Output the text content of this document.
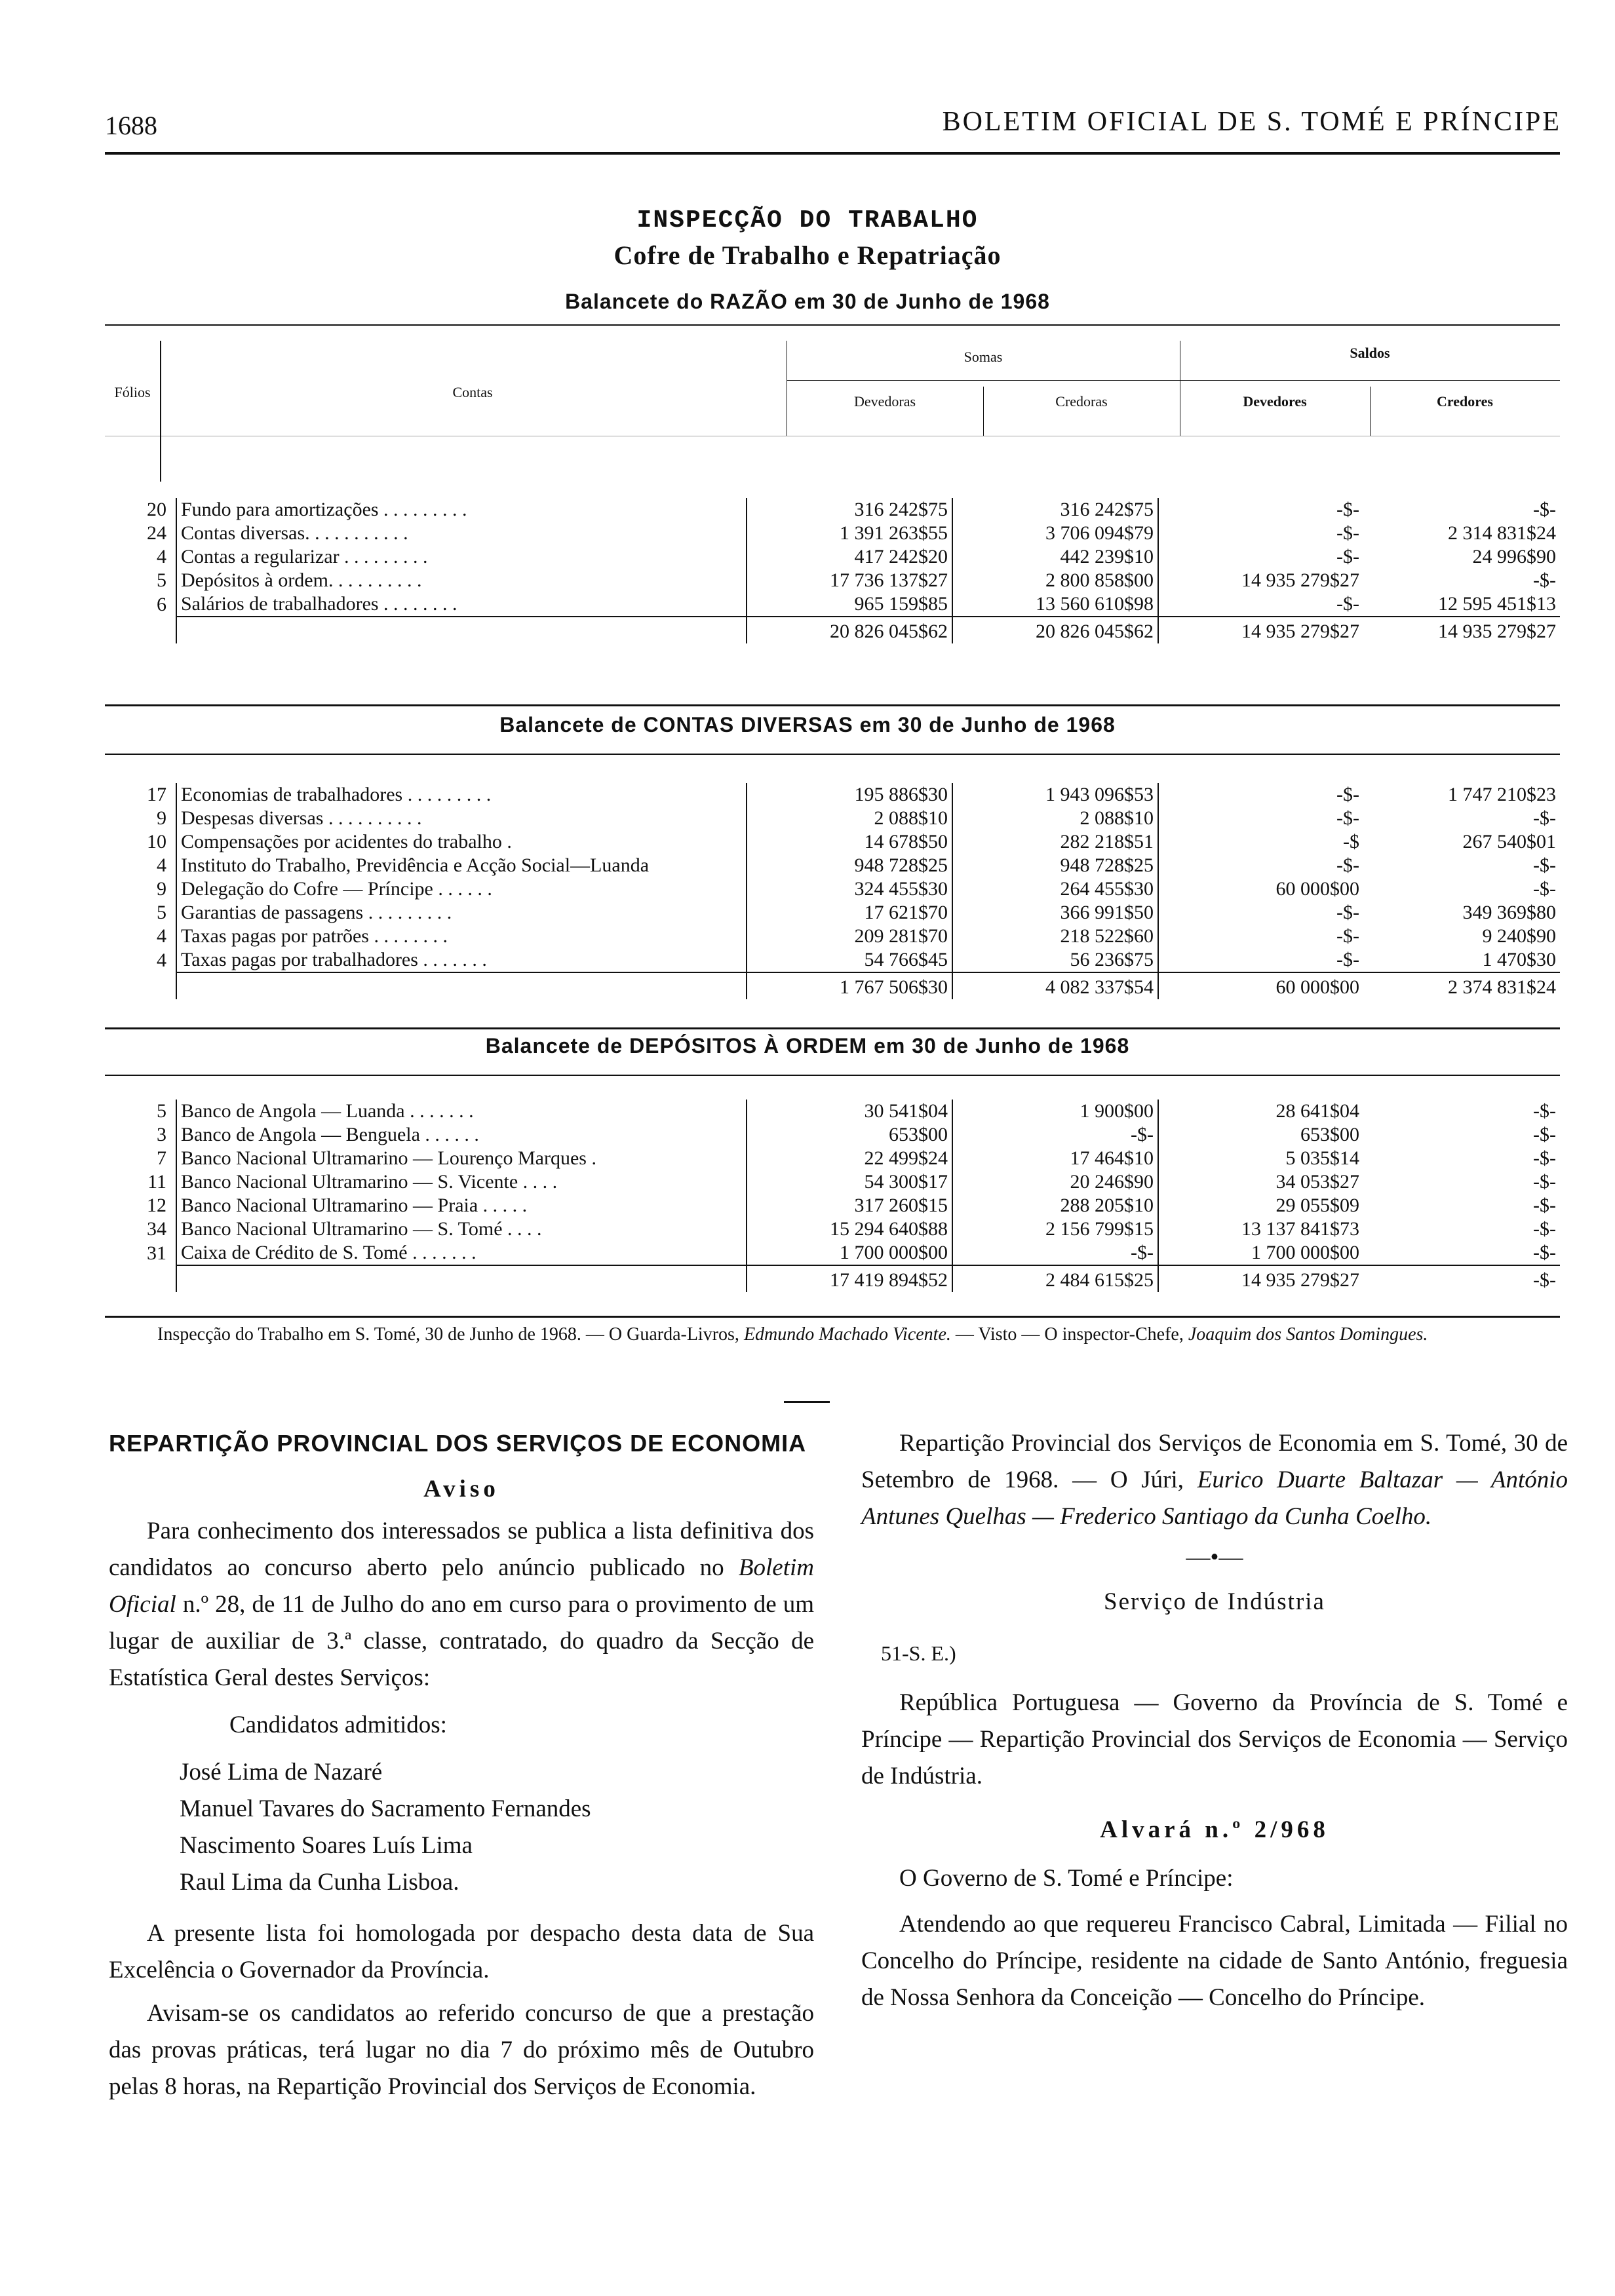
1688	BOLETIM OFICIAL DE S. TOMÉ E PRÍNCIPE
INSPECÇÃO DO TRABALHO
Cofre de Trabalho e Repatriação
Balancete do RAZÃO em 30 de Junho de 1968
Fólios	Contas
Somas	Saldos
Devedoras	Credoras	Devedores	Credores
20	Fundo para amortizações . . . . . . . . .	316 242$75	316 242$75	-$-	-$-
24	Contas diversas. . . . . . . . . . .	1 391 263$55	3 706 094$79	-$-	2 314 831$24
4	Contas a regularizar . . . . . . . . .	417 242$20	442 239$10	-$-	24 996$90
5	Depósitos à ordem. . . . . . . . . .	17 736 137$27	2 800 858$00	14 935 279$27	-$-
6	Salários de trabalhadores . . . . . . . .	965 159$85	13 560 610$98	-$-	12 595 451$13
		20 826 045$62	20 826 045$62	14 935 279$27	14 935 279$27
Balancete de CONTAS DIVERSAS em 30 de Junho de 1968
17	Economias de trabalhadores . . . . . . . . .	195 886$30	1 943 096$53	-$-	1 747 210$23
9	Despesas diversas . . . . . . . . . .	2 088$10	2 088$10	-$-	-$-
10	Compensações por acidentes do trabalho .	14 678$50	282 218$51	-$	267 540$01
4	Instituto do Trabalho, Previdência e Acção Social—Luanda	948 728$25	948 728$25	-$-	-$-
9	Delegação do Cofre — Príncipe . . . . . .	324 455$30	264 455$30	60 000$00	-$-
5	Garantias de passagens . . . . . . . . .	17 621$70	366 991$50	-$-	349 369$80
4	Taxas pagas por patrões . . . . . . . .	209 281$70	218 522$60	-$-	9 240$90
4	Taxas pagas por trabalhadores . . . . . . .	54 766$45	56 236$75	-$-	1 470$30
		1 767 506$30	4 082 337$54	60 000$00	2 374 831$24
Balancete de DEPÓSITOS À ORDEM em 30 de Junho de 1968
5	Banco de Angola — Luanda . . . . . . .	30 541$04	1 900$00	28 641$04	-$-
3	Banco de Angola — Benguela . . . . . .	653$00	-$-	653$00	-$-
7	Banco Nacional Ultramarino — Lourenço Marques .	22 499$24	17 464$10	5 035$14	-$-
11	Banco Nacional Ultramarino — S. Vicente . . . .	54 300$17	20 246$90	34 053$27	-$-
12	Banco Nacional Ultramarino — Praia . . . . .	317 260$15	288 205$10	29 055$09	-$-
34	Banco Nacional Ultramarino — S. Tomé . . . .	15 294 640$88	2 156 799$15	13 137 841$73	-$-
31	Caixa de Crédito de S. Tomé . . . . . . .	1 700 000$00	-$-	1 700 000$00	-$-
		17 419 894$52	2 484 615$25	14 935 279$27	-$-
Inspecção do Trabalho em S. Tomé, 30 de Junho de 1968. — O Guarda-Livros, Edmundo Machado Vicente. — Visto — O inspector-Chefe, Joaquim dos Santos Domingues.

REPARTIÇÃO PROVINCIAL DOS SERVIÇOS DE ECONOMIA

Aviso

Para conhecimento dos interessados se publica a lista definitiva dos candidatos ao concurso aberto pelo anúncio publicado no Boletim Oficial n.º 28, de 11 de Julho do ano em curso para o provimento de um lugar de auxiliar de 3.ª classe, contratado, do quadro da Secção de Estatística Geral destes Serviços:

Candidatos admitidos:

José Lima de Nazaré

Manuel Tavares do Sacramento Fernandes

Nascimento Soares Luís Lima

Raul Lima da Cunha Lisboa.

A presente lista foi homologada por despacho desta data de Sua Excelência o Governador da Província.

Avisam-se os candidatos ao referido concurso de que a prestação das provas práticas, terá lugar no dia 7 do próximo mês de Outubro pelas 8 horas, na Repartição Provincial dos Serviços de Economia.

Repartição Provincial dos Serviços de Economia em S. Tomé, 30 de Setembro de 1968. — O Júri, Eurico Duarte Baltazar — António Antunes Quelhas — Frederico Santiago da Cunha Coelho.

—•—

Serviço de Indústria

51-S. E.)

República Portuguesa — Governo da Província de S. Tomé e Príncipe — Repartição Provincial dos Serviços de Economia — Serviço de Indústria.

Alvará n.º 2/968

O Governo de S. Tomé e Príncipe:

Atendendo ao que requereu Francisco Cabral, Limitada — Filial no Concelho do Príncipe, residente na cidade de Santo António, freguesia de Nossa Senhora da Conceição — Concelho do Príncipe.
